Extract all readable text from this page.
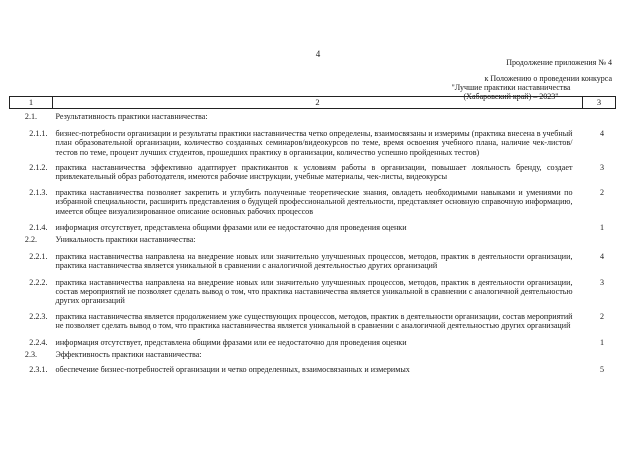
4
Продолжение приложения № 4
к Положению о проведении конкурса
"Лучшие практики наставничества
(Хабаровский край) – 2023"
1	2	3
2.1.	Результативность практики наставничества:	
2.1.1.	бизнес-потребности организации и результаты практики наставничества четко определены, взаимосвязаны и измеримы (практика внесена в учебный план образовательной организации, количество созданных семинаров/видеокурсов по теме, время освоения учебного плана, наличие чек-листов/тестов по теме, процент лучших студентов, прошедших практику в организации, количество успешно пройденных тестов)	4
2.1.2.	практика наставничества эффективно адаптирует практикантов к условиям работы в организации, повышает лояльность бренду, создает привлекательный образ работодателя, имеются рабочие инструкции, учебные материалы, чек-листы, видеокурсы	3
2.1.3.	практика наставничества позволяет закрепить и углубить полученные теоретические знания, овладеть необходимыми навыками и умениями по избранной специальности, расширить представления о будущей профессиональной деятельности, представляет основную справочную информацию, имеется общее визуализированное описание основных рабочих процессов	2
2.1.4.	информация отсутствует, представлена общими фразами или ее недостаточно для проведения оценки	1
2.2.	Уникальность практики наставничества:	
2.2.1.	практика наставничества направлена на внедрение новых или значительно улучшенных процессов, методов, практик в деятельности организации, практика наставничества является уникальной в сравнении с аналогичной деятельностью других организаций	4
2.2.2.	практика наставничества направлена на внедрение новых или значительно улучшенных процессов, методов, практик в деятельности организации, состав мероприятий не позволяет сделать вывод о том, что практика наставничества является уникальной в сравнении с аналогичной деятельностью других организаций	3
2.2.3.	практика наставничества является продолжением уже существующих процессов, методов, практик в деятельности организации, состав мероприятий не позволяет сделать вывод о том, что практика наставничества является уникальной в сравнении с аналогичной деятельностью других организаций	2
2.2.4.	информация отсутствует, представлена общими фразами или ее недостаточно для проведения оценки	1
2.3.	Эффективность практики наставничества:	
2.3.1.	обеспечение бизнес-потребностей организации и четко определенных, взаимосвязанных и измеримых	5
